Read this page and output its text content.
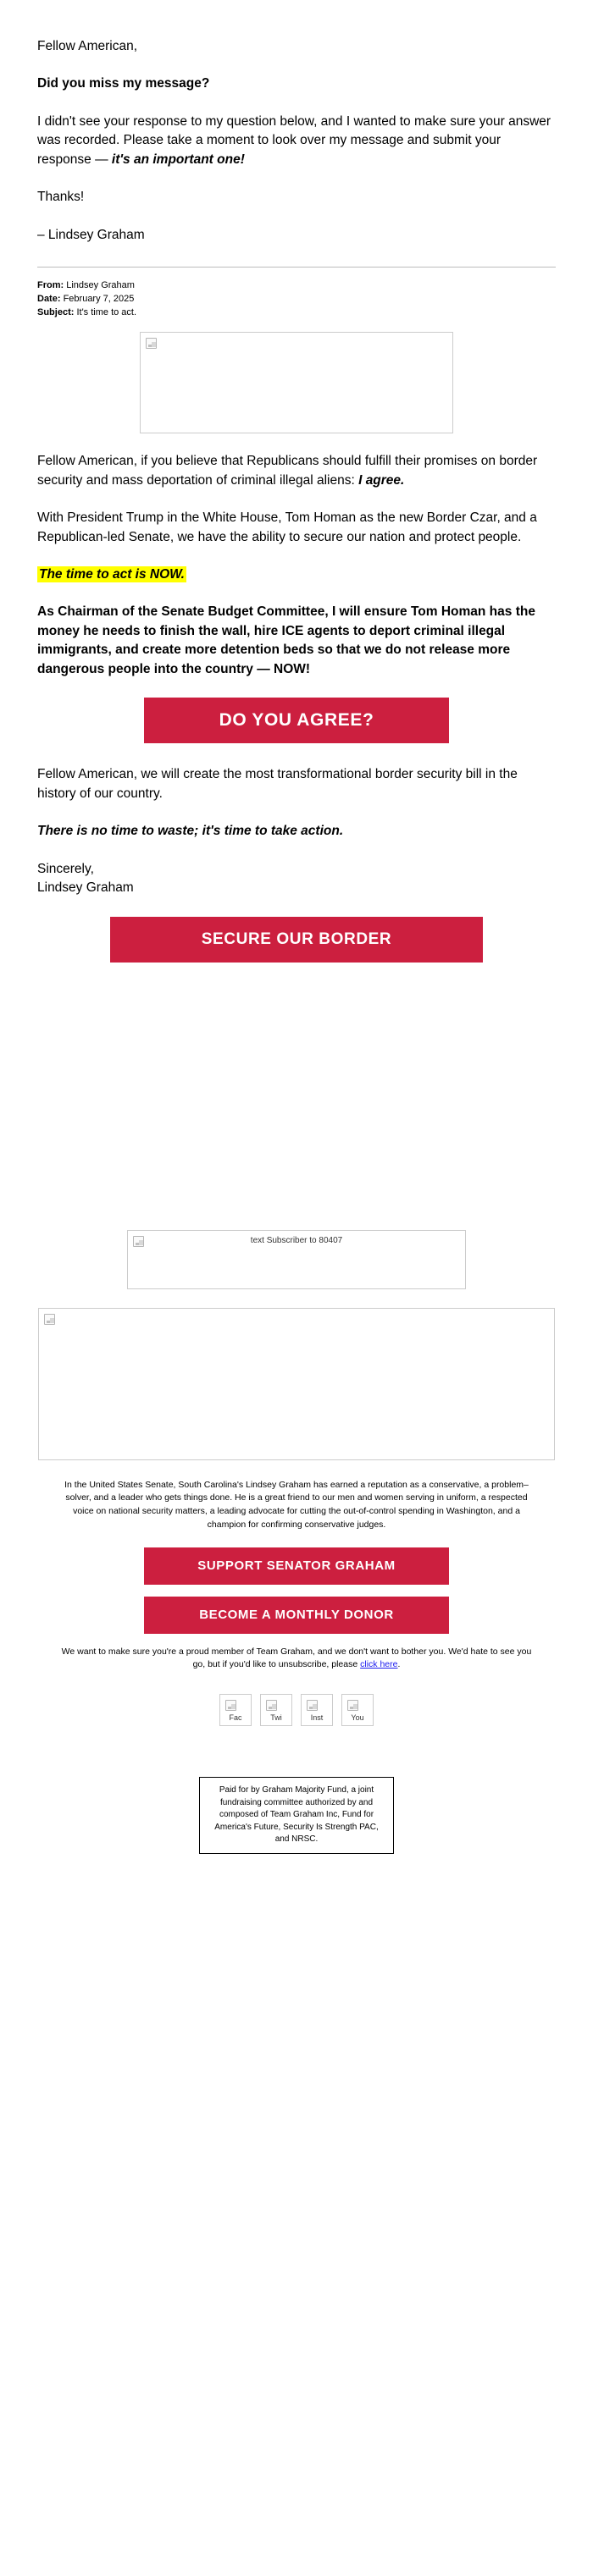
Fellow American,

Did you miss my message?

I didn't see your response to my question below, and I wanted to make sure your answer was recorded. Please take a moment to look over my message and submit your response — it's an important one!

Thanks!

– Lindsey Graham

From: Lindsey Graham
Date: February 7, 2025
Subject: It's time to act.

Fellow American, if you believe that Republicans should fulfill their promises on border security and mass deportation of criminal illegal aliens: I agree.

With President Trump in the White House, Tom Homan as the new Border Czar, and a Republican-led Senate, we have the ability to secure our nation and protect people.

The time to act is NOW.

As Chairman of the Senate Budget Committee, I will ensure Tom Homan has the money he needs to finish the wall, hire ICE agents to deport criminal illegal immigrants, and create more detention beds so that we do not release more dangerous people into the country — NOW!

DO YOU AGREE?

Fellow American, we will create the most transformational border security bill in the history of our country.

There is no time to waste; it's time to take action.

Sincerely,
Lindsey Graham

SECURE OUR BORDER
text Subscriber to 80407
In the United States Senate, South Carolina's Lindsey Graham has earned a reputation as a conservative, a problem–solver, and a leader who gets things done. He is a great friend to our men and women serving in uniform, a respected voice on national security matters, a leading advocate for cutting the out-of-control spending in Washington, and a champion for confirming conservative judges.
SUPPORT SENATOR GRAHAM
BECOME A MONTHLY DONOR
We want to make sure you're a proud member of Team Graham, and we don't want to bother you. We'd hate to see you go, but if you'd like to unsubscribe, please click here.
Fac	Twi	Inst	You
Paid for by Graham Majority Fund, a joint fundraising committee authorized by and composed of Team Graham Inc, Fund for America's Future, Security Is Strength PAC, and NRSC.
